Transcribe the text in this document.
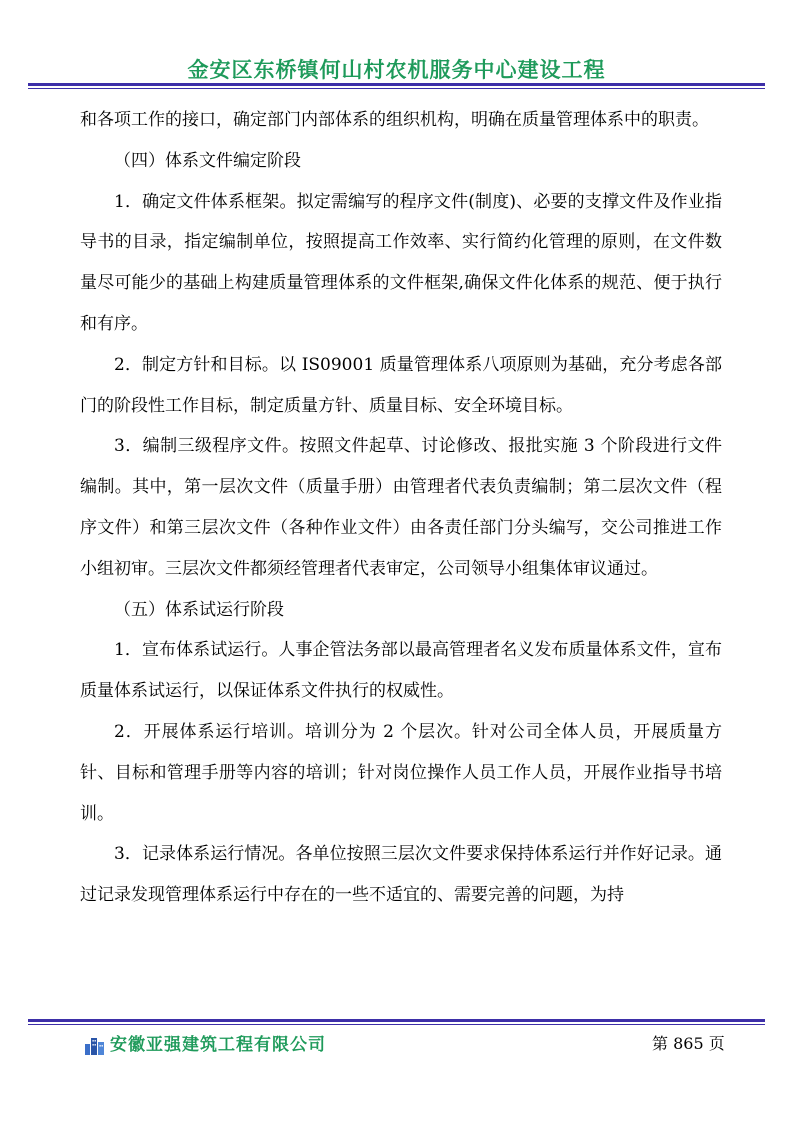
金安区东桥镇何山村农机服务中心建设工程

和各项工作的接口，确定部门内部体系的组织机构，明确在质量管理体系中的职责。

（四）体系文件编定阶段

1．确定文件体系框架。拟定需编写的程序文件(制度)、必要的支撑文件及作业指导书的目录，指定编制单位，按照提高工作效率、实行简约化管理的原则，在文件数量尽可能少的基础上构建质量管理体系的文件框架,确保文件化体系的规范、便于执行和有序。

2．制定方针和目标。以 IS09001 质量管理体系八项原则为基础，充分考虑各部门的阶段性工作目标，制定质量方针、质量目标、安全环境目标。

3．编制三级程序文件。按照文件起草、讨论修改、报批实施 3 个阶段进行文件编制。其中，第一层次文件（质量手册）由管理者代表负责编制；第二层次文件（程序文件）和第三层次文件（各种作业文件）由各责任部门分头编写，交公司推进工作小组初审。三层次文件都须经管理者代表审定，公司领导小组集体审议通过。

（五）体系试运行阶段

1．宣布体系试运行。人事企管法务部以最高管理者名义发布质量体系文件，宣布质量体系试运行，以保证体系文件执行的权威性。

2．开展体系运行培训。培训分为 2 个层次。针对公司全体人员，开展质量方针、目标和管理手册等内容的培训；针对岗位操作人员工作人员，开展作业指导书培训。

3．记录体系运行情况。各单位按照三层次文件要求保持体系运行并作好记录。通过记录发现管理体系运行中存在的一些不适宜的、需要完善的问题，为持

安徽亚强建筑工程有限公司	第 865 页
